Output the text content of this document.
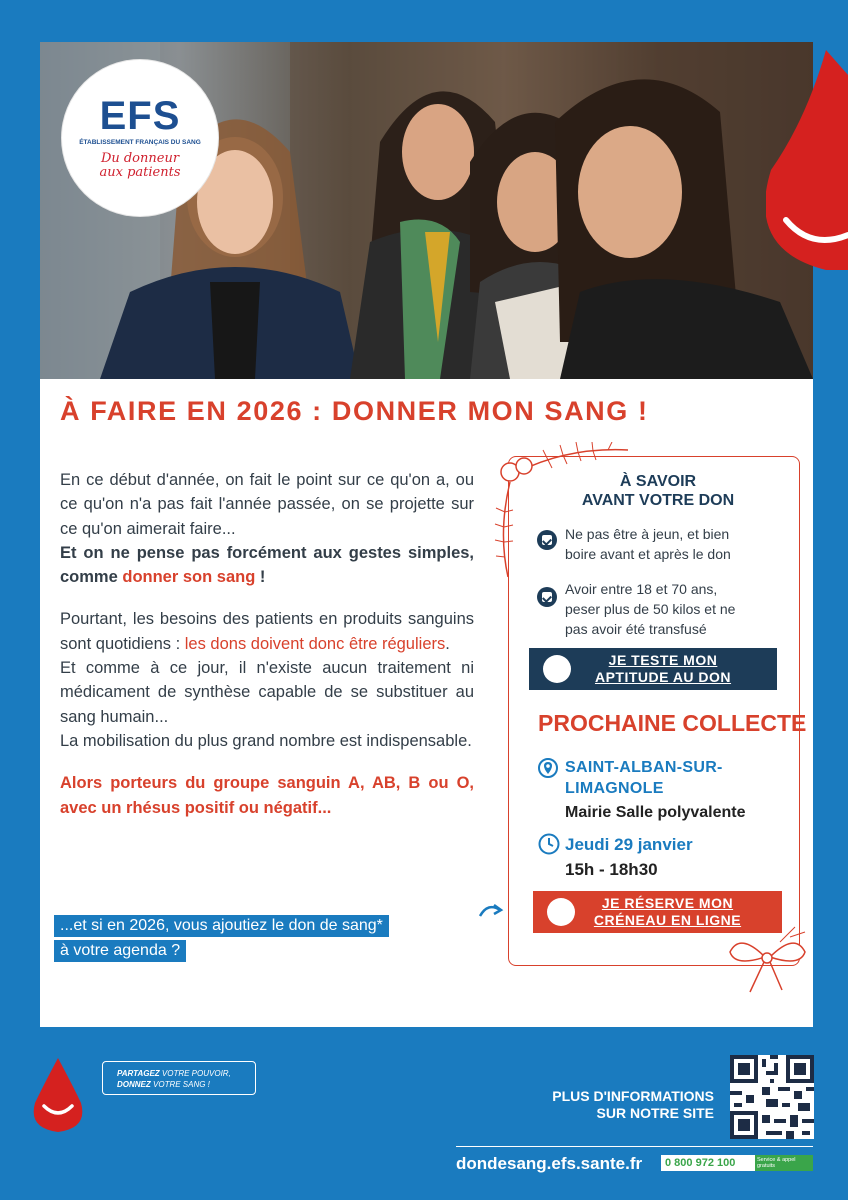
EFS
ÉTABLISSEMENT FRANÇAIS DU SANG
Du donneur
aux patients
À FAIRE EN 2026 : DONNER MON SANG !

En ce début d'année, on fait le point sur ce qu'on a, ou ce qu'on n'a pas fait l'année passée, on se projette sur ce qu'on aimerait faire...

Et on ne pense pas forcément aux gestes simples, comme donner son sang !

Pourtant, les besoins des patients en produits sanguins sont quotidiens : les dons doivent donc être réguliers.

Et comme à ce jour, il n'existe aucun traitement ni médicament de synthèse capable de se substituer au sang humain...

La mobilisation du plus grand nombre est indispensable.

Alors porteurs du groupe sanguin A, AB, B ou O, avec un rhésus positif ou négatif...

...et si en 2026, vous ajoutiez le don de sang*
à votre agenda ?
À SAVOIR
AVANT VOTRE DON
Ne pas être à jeun, et bien
boire avant et après le don
Avoir entre 18 et 70 ans,
peser plus de 50 kilos et ne
pas avoir été transfusé
JE TESTE MON
APTITUDE AU DON
PROCHAINE COLLECTE
SAINT-ALBAN-SUR-
LIMAGNOLE
Mairie Salle polyvalente
Jeudi 29 janvier
15h - 18h30
JE RÉSERVE MON
CRÉNEAU EN LIGNE
PARTAGEZ VOTRE POUVOIR,
DONNEZ VOTRE SANG !
PLUS D'INFORMATIONS
SUR NOTRE SITE
dondesang.efs.sante.fr	0 800 972 100	Service & appel gratuits
